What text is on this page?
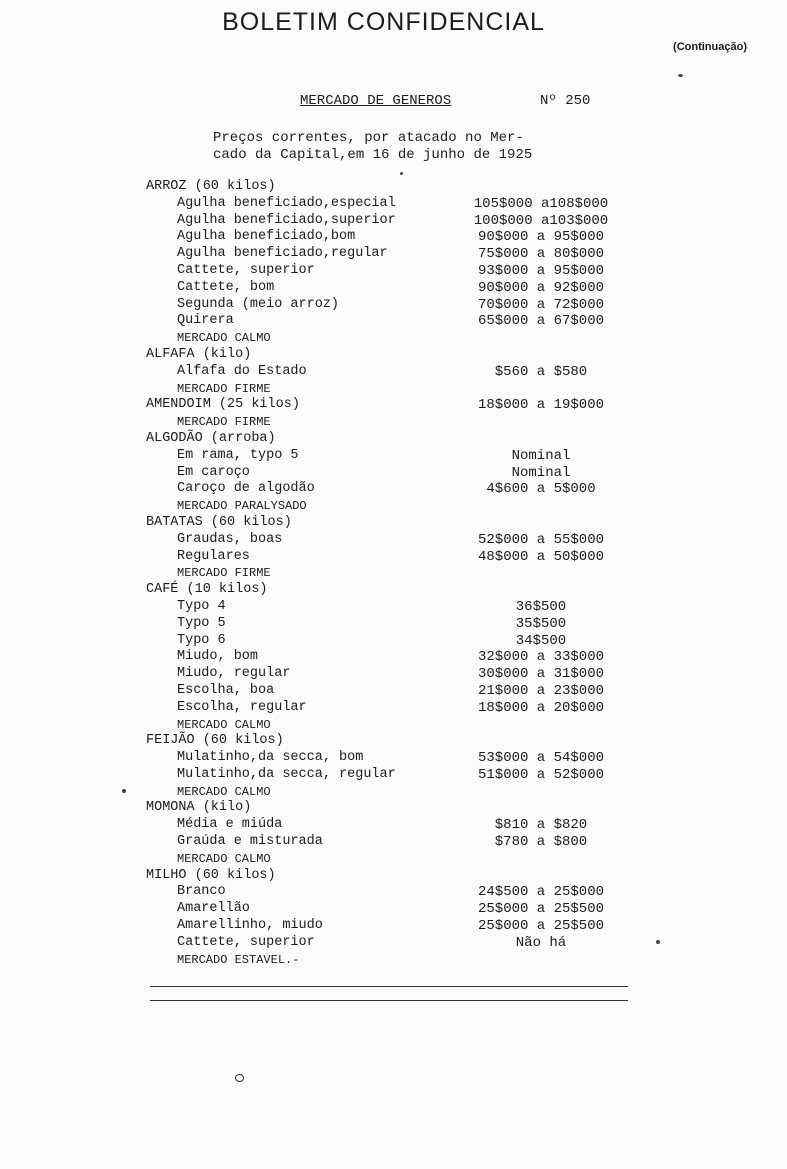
BOLETIM CONFIDENCIAL
(Continuação)
MERCADO DE GENEROS	Nº 250
Preços correntes, por atacado no Mer-
cado da Capital,em 16 de junho de 1925
ARROZ (60 kilos)
Agulha beneficiado,especial	105$000 a108$000
Agulha beneficiado,superior	100$000 a103$000
Agulha beneficiado,bom	90$000 a 95$000
Agulha beneficiado,regular	75$000 a 80$000
Cattete, superior	93$000 a 95$000
Cattete, bom	90$000 a 92$000
Segunda (meio arroz)	70$000 a 72$000
Quirera	65$000 a 67$000
MERCADO CALMO
ALFAFA (kilo)
Alfafa do Estado	$560 a $580
MERCADO FIRME
AMENDOIM (25 kilos)	18$000 a 19$000
MERCADO FIRME
ALGODÃO (arroba)
Em rama, typo 5	Nominal
Em caroço	Nominal
Caroço de algodão	4$600 a 5$000
MERCADO PARALYSADO
BATATAS (60 kilos)
Graudas, boas	52$000 a 55$000
Regulares	48$000 a 50$000
MERCADO FIRME
CAFÉ (10 kilos)
Typo 4	36$500
Typo 5	35$500
Typo 6	34$500
Miudo, bom	32$000 a 33$000
Miudo, regular	30$000 a 31$000
Escolha, boa	21$000 a 23$000
Escolha, regular	18$000 a 20$000
MERCADO CALMO
FEIJÃO (60 kilos)
Mulatinho,da secca, bom	53$000 a 54$000
Mulatinho,da secca, regular	51$000 a 52$000
MERCADO CALMO
MOMONA (kilo)
Média e miúda	$810 a $820
Graúda e misturada	$780 a $800
MERCADO CALMO
MILHO (60 kilos)
Branco	24$500 a 25$000
Amarellão	25$000 a 25$500
Amarellinho, miudo	25$000 a 25$500
Cattete, superior	Não há
MERCADO ESTAVEL.-
